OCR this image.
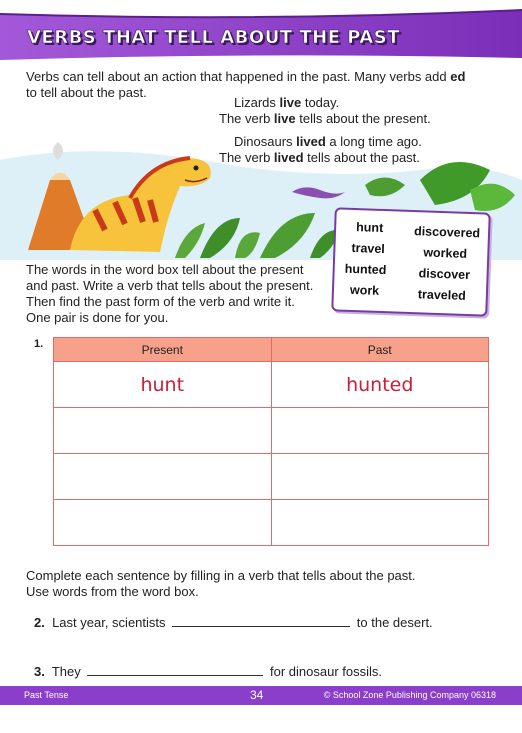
VERBS THAT TELL ABOUT THE PAST
Verbs can tell about an action that happened in the past. Many verbs add ed
to tell about the past.
Lizards live today.
The verb live tells about the present.
Dinosaurs lived a long time ago.
The verb lived tells about the past.
The words in the word box tell about the present
and past. Write a verb that tells about the present.
Then find the past form of the verb and write it.
One pair is done for you.
hunt
travel
hunted
work
discovered
worked
discover
traveled
1.	Present	Past
hunt	hunted

Complete each sentence by filling in a verb that tells about the past.
Use words from the word box.
2. Last year, scientists	to the desert.
3. They	for dinosaur fossils.
Past Tense	34	© School Zone Publishing Company 06318
